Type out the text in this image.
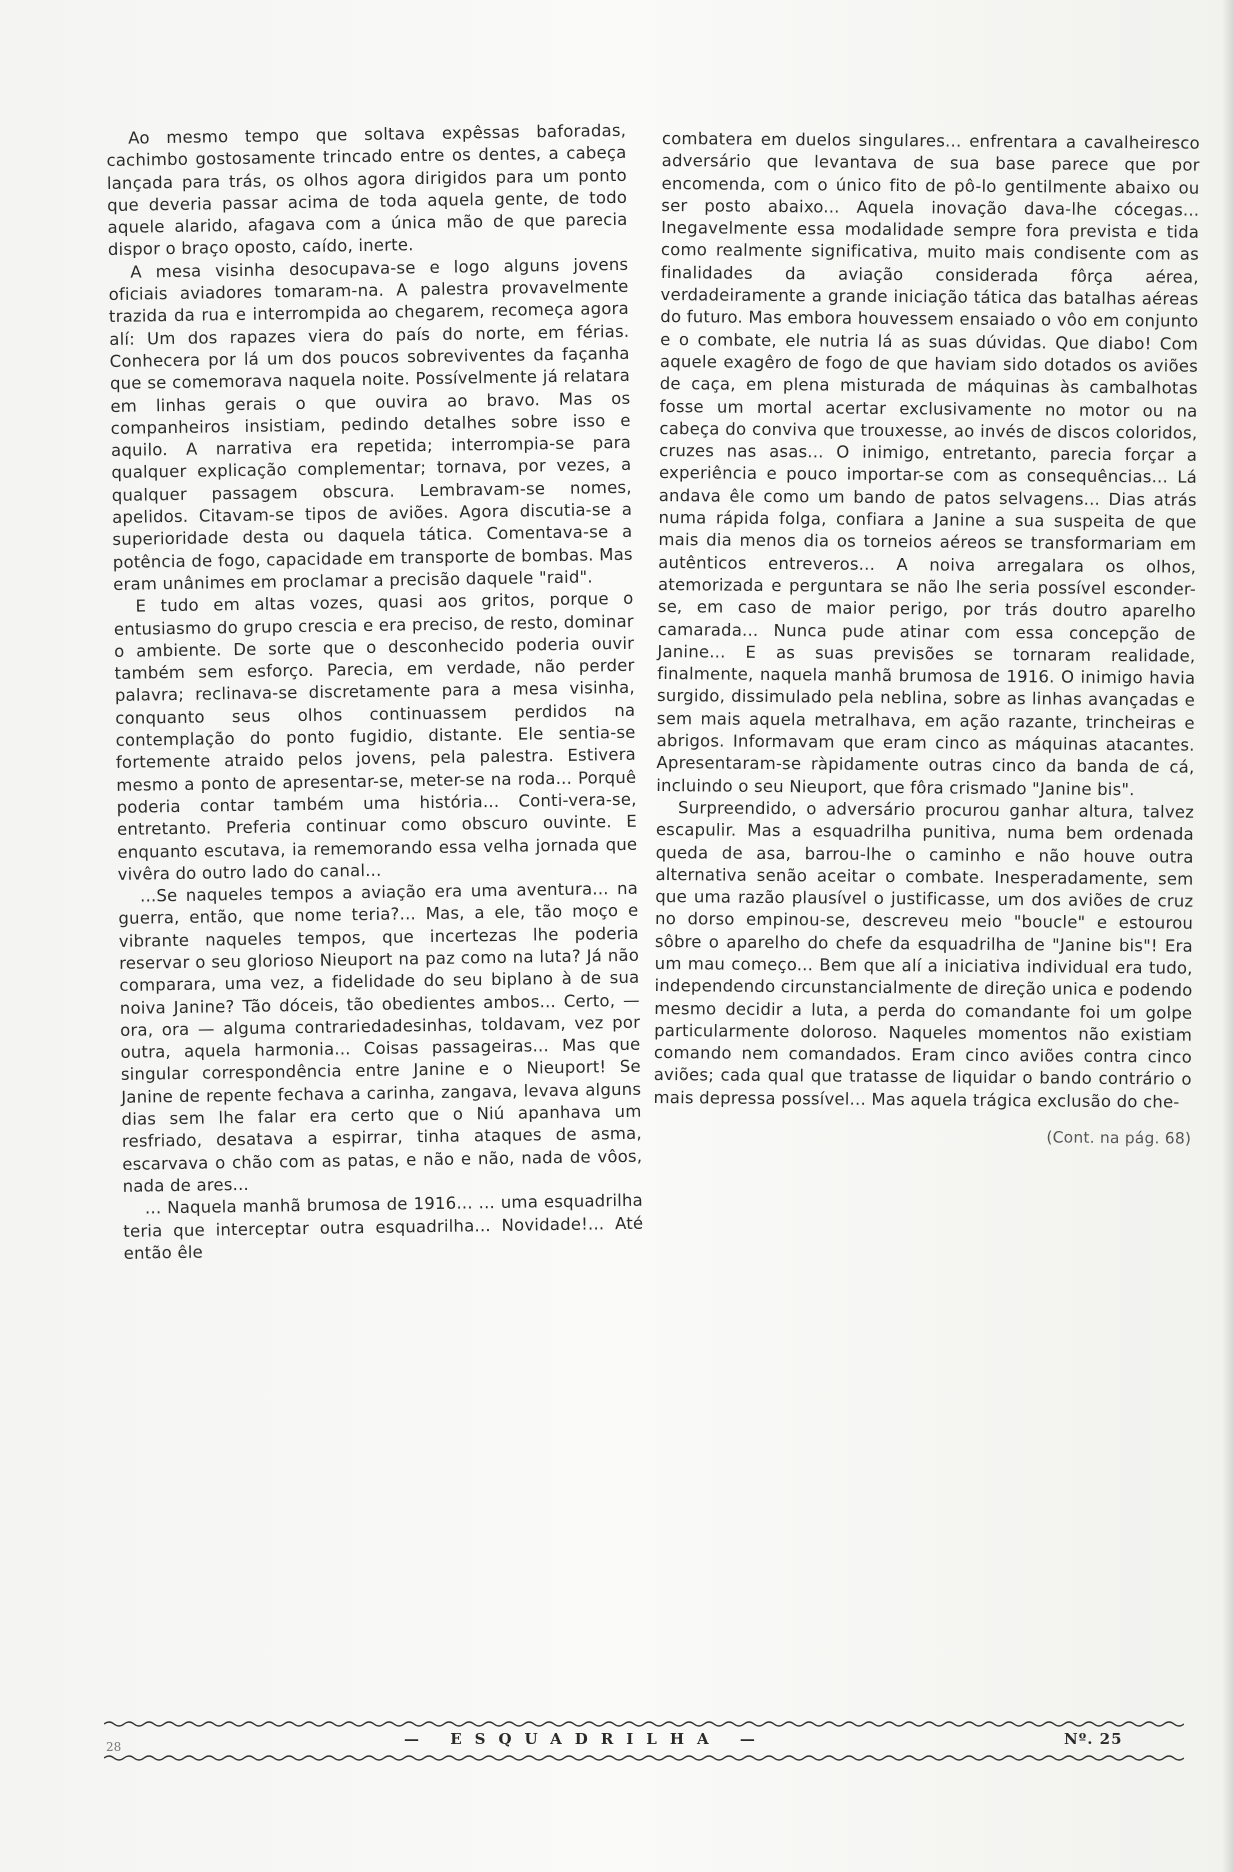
Ao mesmo tempo que soltava expêssas baforadas, cachimbo gostosamente trincado entre os dentes, a cabeça lançada para trás, os olhos agora dirigidos para um ponto que deveria passar acima de toda aquela gente, de todo aquele alarido, afagava com a única mão de que parecia dispor o braço oposto, caído, inerte.

A mesa visinha desocupava-se e logo alguns jovens oficiais aviadores tomaram-na. A palestra provavelmente trazida da rua e interrompida ao chegarem, recomeça agora alí: Um dos rapazes viera do país do norte, em férias. Conhecera por lá um dos poucos sobreviventes da façanha que se comemorava naquela noite. Possívelmente já relatara em linhas gerais o que ouvira ao bravo. Mas os companheiros insistiam, pedindo detalhes sobre isso e aquilo. A narrativa era repetida; interrompia-se para qualquer explicação complementar; tornava, por vezes, a qualquer passagem obscura. Lembravam-se nomes, apelidos. Citavam-se tipos de aviões. Agora discutia-se a superioridade desta ou daquela tática. Comentava-se a potência de fogo, capacidade em transporte de bombas. Mas eram unânimes em proclamar a precisão daquele "raid".

E tudo em altas vozes, quasi aos gritos, porque o entusiasmo do grupo crescia e era preciso, de resto, dominar o ambiente. De sorte que o desconhecido poderia ouvir também sem esforço. Parecia, em verdade, não perder palavra; reclinava-se discretamente para a mesa visinha, conquanto seus olhos continuassem perdidos na contemplação do ponto fugidio, distante. Ele sentia-se fortemente atraido pelos jovens, pela palestra. Estivera mesmo a ponto de apresentar-se, meter-se na roda... Porquê poderia contar também uma história... Conti-vera-se, entretanto. Preferia continuar como obscuro ouvinte. E enquanto escutava, ia rememorando essa velha jornada que vivêra do outro lado do canal...

...Se naqueles tempos a aviação era uma aventura... na guerra, então, que nome teria?... Mas, a ele, tão moço e vibrante naqueles tempos, que incertezas lhe poderia reservar o seu glorioso Nieuport na paz como na luta? Já não comparara, uma vez, a fidelidade do seu biplano à de sua noiva Janine? Tão dóceis, tão obedientes ambos... Certo, — ora, ora — alguma contrariedadesinhas, toldavam, vez por outra, aquela harmonia... Coisas passageiras... Mas que singular correspondência entre Janine e o Nieuport! Se Janine de repente fechava a carinha, zangava, levava alguns dias sem lhe falar era certo que o Niú apanhava um resfriado, desatava a espirrar, tinha ataques de asma, escarvava o chão com as patas, e não e não, nada de vôos, nada de ares...

... Naquela manhã brumosa de 1916... ... uma esquadrilha teria que interceptar outra esquadrilha... Novidade!... Até então êle

combatera em duelos singulares... enfrentara a cavalheiresco adversário que levantava de sua base parece que por encomenda, com o único fito de pô-lo gentilmente abaixo ou ser posto abaixo... Aquela inovação dava-lhe cócegas... Inegavelmente essa modalidade sempre fora prevista e tida como realmente significativa, muito mais condisente com as finalidades da aviação considerada fôrça aérea, verdadeiramente a grande iniciação tática das batalhas aéreas do futuro. Mas embora houvessem ensaiado o vôo em conjunto e o combate, ele nutria lá as suas dúvidas. Que diabo! Com aquele exagêro de fogo de que haviam sido dotados os aviões de caça, em plena misturada de máquinas às cambalhotas fosse um mortal acertar exclusivamente no motor ou na cabeça do conviva que trouxesse, ao invés de discos coloridos, cruzes nas asas... O inimigo, entretanto, parecia forçar a experiência e pouco importar-se com as consequências... Lá andava êle como um bando de patos selvagens... Dias atrás numa rápida folga, confiara a Janine a sua suspeita de que mais dia menos dia os torneios aéreos se transformariam em autênticos entreveros... A noiva arregalara os olhos, atemorizada e perguntara se não lhe seria possível esconder-se, em caso de maior perigo, por trás doutro aparelho camarada... Nunca pude atinar com essa concepção de Janine... E as suas previsões se tornaram realidade, finalmente, naquela manhã brumosa de 1916. O inimigo havia surgido, dissimulado pela neblina, sobre as linhas avançadas e sem mais aquela metralhava, em ação razante, trincheiras e abrigos. Informavam que eram cinco as máquinas atacantes. Apresentaram-se ràpidamente outras cinco da banda de cá, incluindo o seu Nieuport, que fôra crismado "Janine bis".

Surpreendido, o adversário procurou ganhar altura, talvez escapulir. Mas a esquadrilha punitiva, numa bem ordenada queda de asa, barrou-lhe o caminho e não houve outra alternativa senão aceitar o combate. Inesperadamente, sem que uma razão plausível o justificasse, um dos aviões de cruz no dorso empinou-se, descreveu meio "boucle" e estourou sôbre o aparelho do chefe da esquadrilha de "Janine bis"! Era um mau começo... Bem que alí a iniciativa individual era tudo, independendo circunstancialmente de direção unica e podendo mesmo decidir a luta, a perda do comandante foi um golpe particularmente doloroso. Naqueles momentos não existiam comando nem comandados. Eram cinco aviões contra cinco aviões; cada qual que tratasse de liquidar o bando contrário o mais depressa possível... Mas aquela trágica exclusão do che-

(Cont. na pág. 68)
28	— ESQUADRILHA —	Nº. 25
